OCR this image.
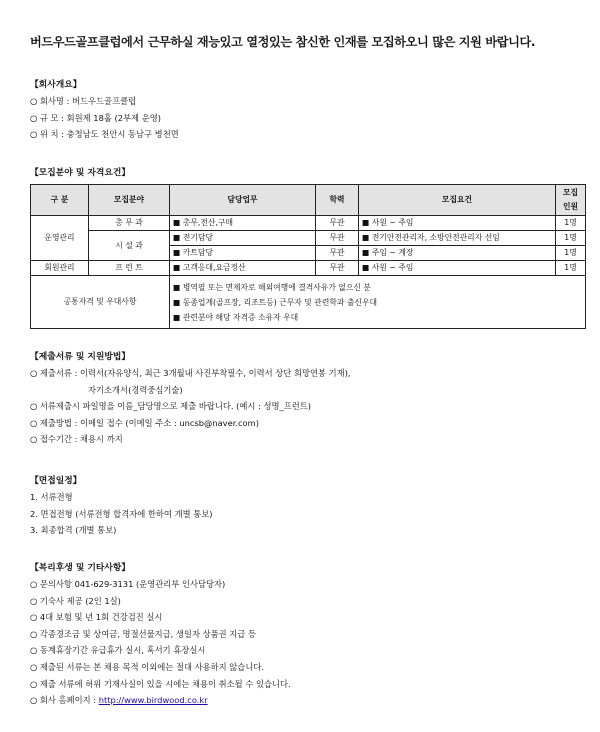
버드우드골프클럽에서 근무하실 재능있고 열정있는 참신한 인재를 모집하오니 많은 지원 바랍니다.
【회사개요】
○ 회사명 : 버드우드골프클럽
○ 규 모 : 회원제 18홀 (2부제 운영)
○ 위 치 : 충청남도 천안시 동남구 병천면
【모집분야 및 자격요건】
구 분	모집분야	담당업무	학력	모집요건	모집 인원
운영관리	총 무 과	■ 총무,전산,구매	무관	■ 사원 ~ 주임	1명
	시 설 과	■ 전기담당	무관	■ 전기안전관리자, 소방안전관리자 선임	1명
		■ 카트담당	무관	■ 주임 ~ 계장	1명
회원관리	프 런 트	■ 고객응대,요금정산	무관	■ 사원 ~ 주임	1명
공통자격 및 우대사항		■ 병역필 또는 면제자로 해외여행에 결격사유가 없으신 분
■ 동종업계(골프장, 리조트등) 근무자 및 관련학과 출신우대
■ 관련분야 해당 자격증 소유자 우대			
【제출서류 및 지원방법】
○ 제출서류 : 이력서(자유양식, 최근 3개월내 사진부착필수, 이력서 상단 희망연봉 기재),
자기소개서(경력중심기술)
○ 서류제출시 파일명을 이름_담당명으로 제출 바랍니다. (예시 : 성명_프런트)
○ 제출방법 : 이메일 접수 (이메일 주소 : uncsb@naver.com)
○ 접수기간 : 채용시 까지
【면접일정】
1. 서류전형
2. 면접전형 (서류전형 합격자에 한하여 개별 통보)
3. 최종합격 (개별 통보)
【복리후생 및 기타사항】
○ 문의사항 041-629-3131 (운영관리부 인사담당자)
○ 기숙사 제공 (2인 1실)
○ 4대 보험 및 년 1회 건강검진 실시
○ 각종경조금 및 상여금, 명절선물지급, 생일자 상품권 지급 등
○ 동계휴장기간 유급휴가 실시, 혹서기 휴장실시
○ 제출된 서류는 본 채용 목적 이외에는 절대 사용하지 않습니다.
○ 제출 서류에 허위 기재사실이 있을 시에는 채용이 취소될 수 있습니다.
○ 회사 홈페이지 : http://www.birdwood.co.kr
